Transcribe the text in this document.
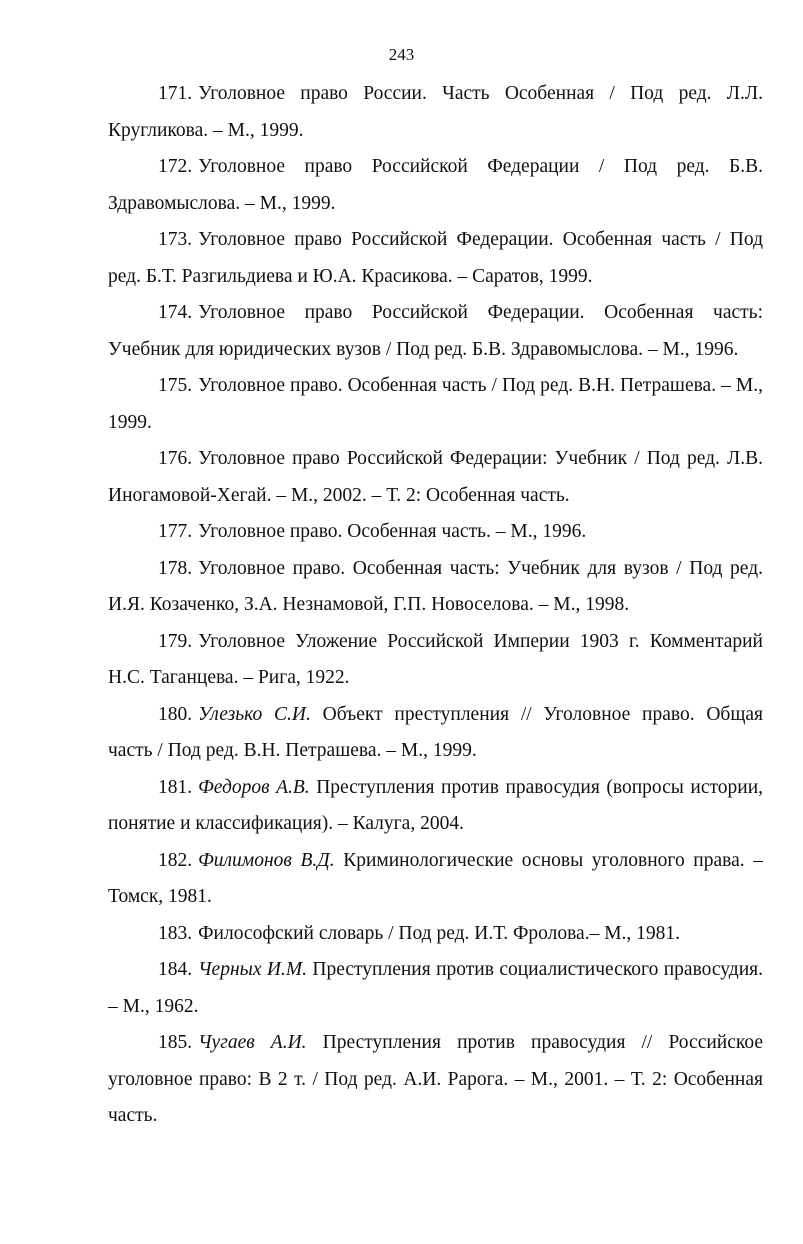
243

171. Уголовное право России. Часть Особенная / Под ред. Л.Л. Кругликова. – М., 1999.

172. Уголовное право Российской Федерации / Под ред. Б.В. Здравомыслова. – М., 1999.

173. Уголовное право Российской Федерации. Особенная часть / Под ред. Б.Т. Разгильдиева и Ю.А. Красикова. – Саратов, 1999.

174. Уголовное право Российской Федерации. Особенная часть: Учебник для юридических вузов / Под ред. Б.В. Здравомыслова. – М., 1996.

175. Уголовное право. Особенная часть / Под ред. В.Н. Петрашева. – М., 1999.

176. Уголовное право Российской Федерации: Учебник / Под ред. Л.В. Иногамовой-Хегай. – М., 2002. – Т. 2: Особенная часть.

177. Уголовное право. Особенная часть. – М., 1996.

178. Уголовное право. Особенная часть: Учебник для вузов / Под ред. И.Я. Козаченко, З.А. Незнамовой, Г.П. Новоселова. – М., 1998.

179. Уголовное Уложение Российской Империи 1903 г. Комментарий Н.С. Таганцева. – Рига, 1922.

180. Улезько С.И. Объект преступления // Уголовное право. Общая часть / Под ред. В.Н. Петрашева. – М., 1999.

181. Федоров А.В. Преступления против правосудия (вопросы истории, понятие и классификация). – Калуга, 2004.

182. Филимонов В.Д. Криминологические основы уголовного права. – Томск, 1981.

183. Философский словарь / Под ред. И.Т. Фролова.– М., 1981.

184. Черных И.М. Преступления против социалистического правосудия. – М., 1962.

185. Чугаев А.И. Преступления против правосудия // Российское уголовное право: В 2 т. / Под ред. А.И. Рарога. – М., 2001. – Т. 2: Особенная часть.
